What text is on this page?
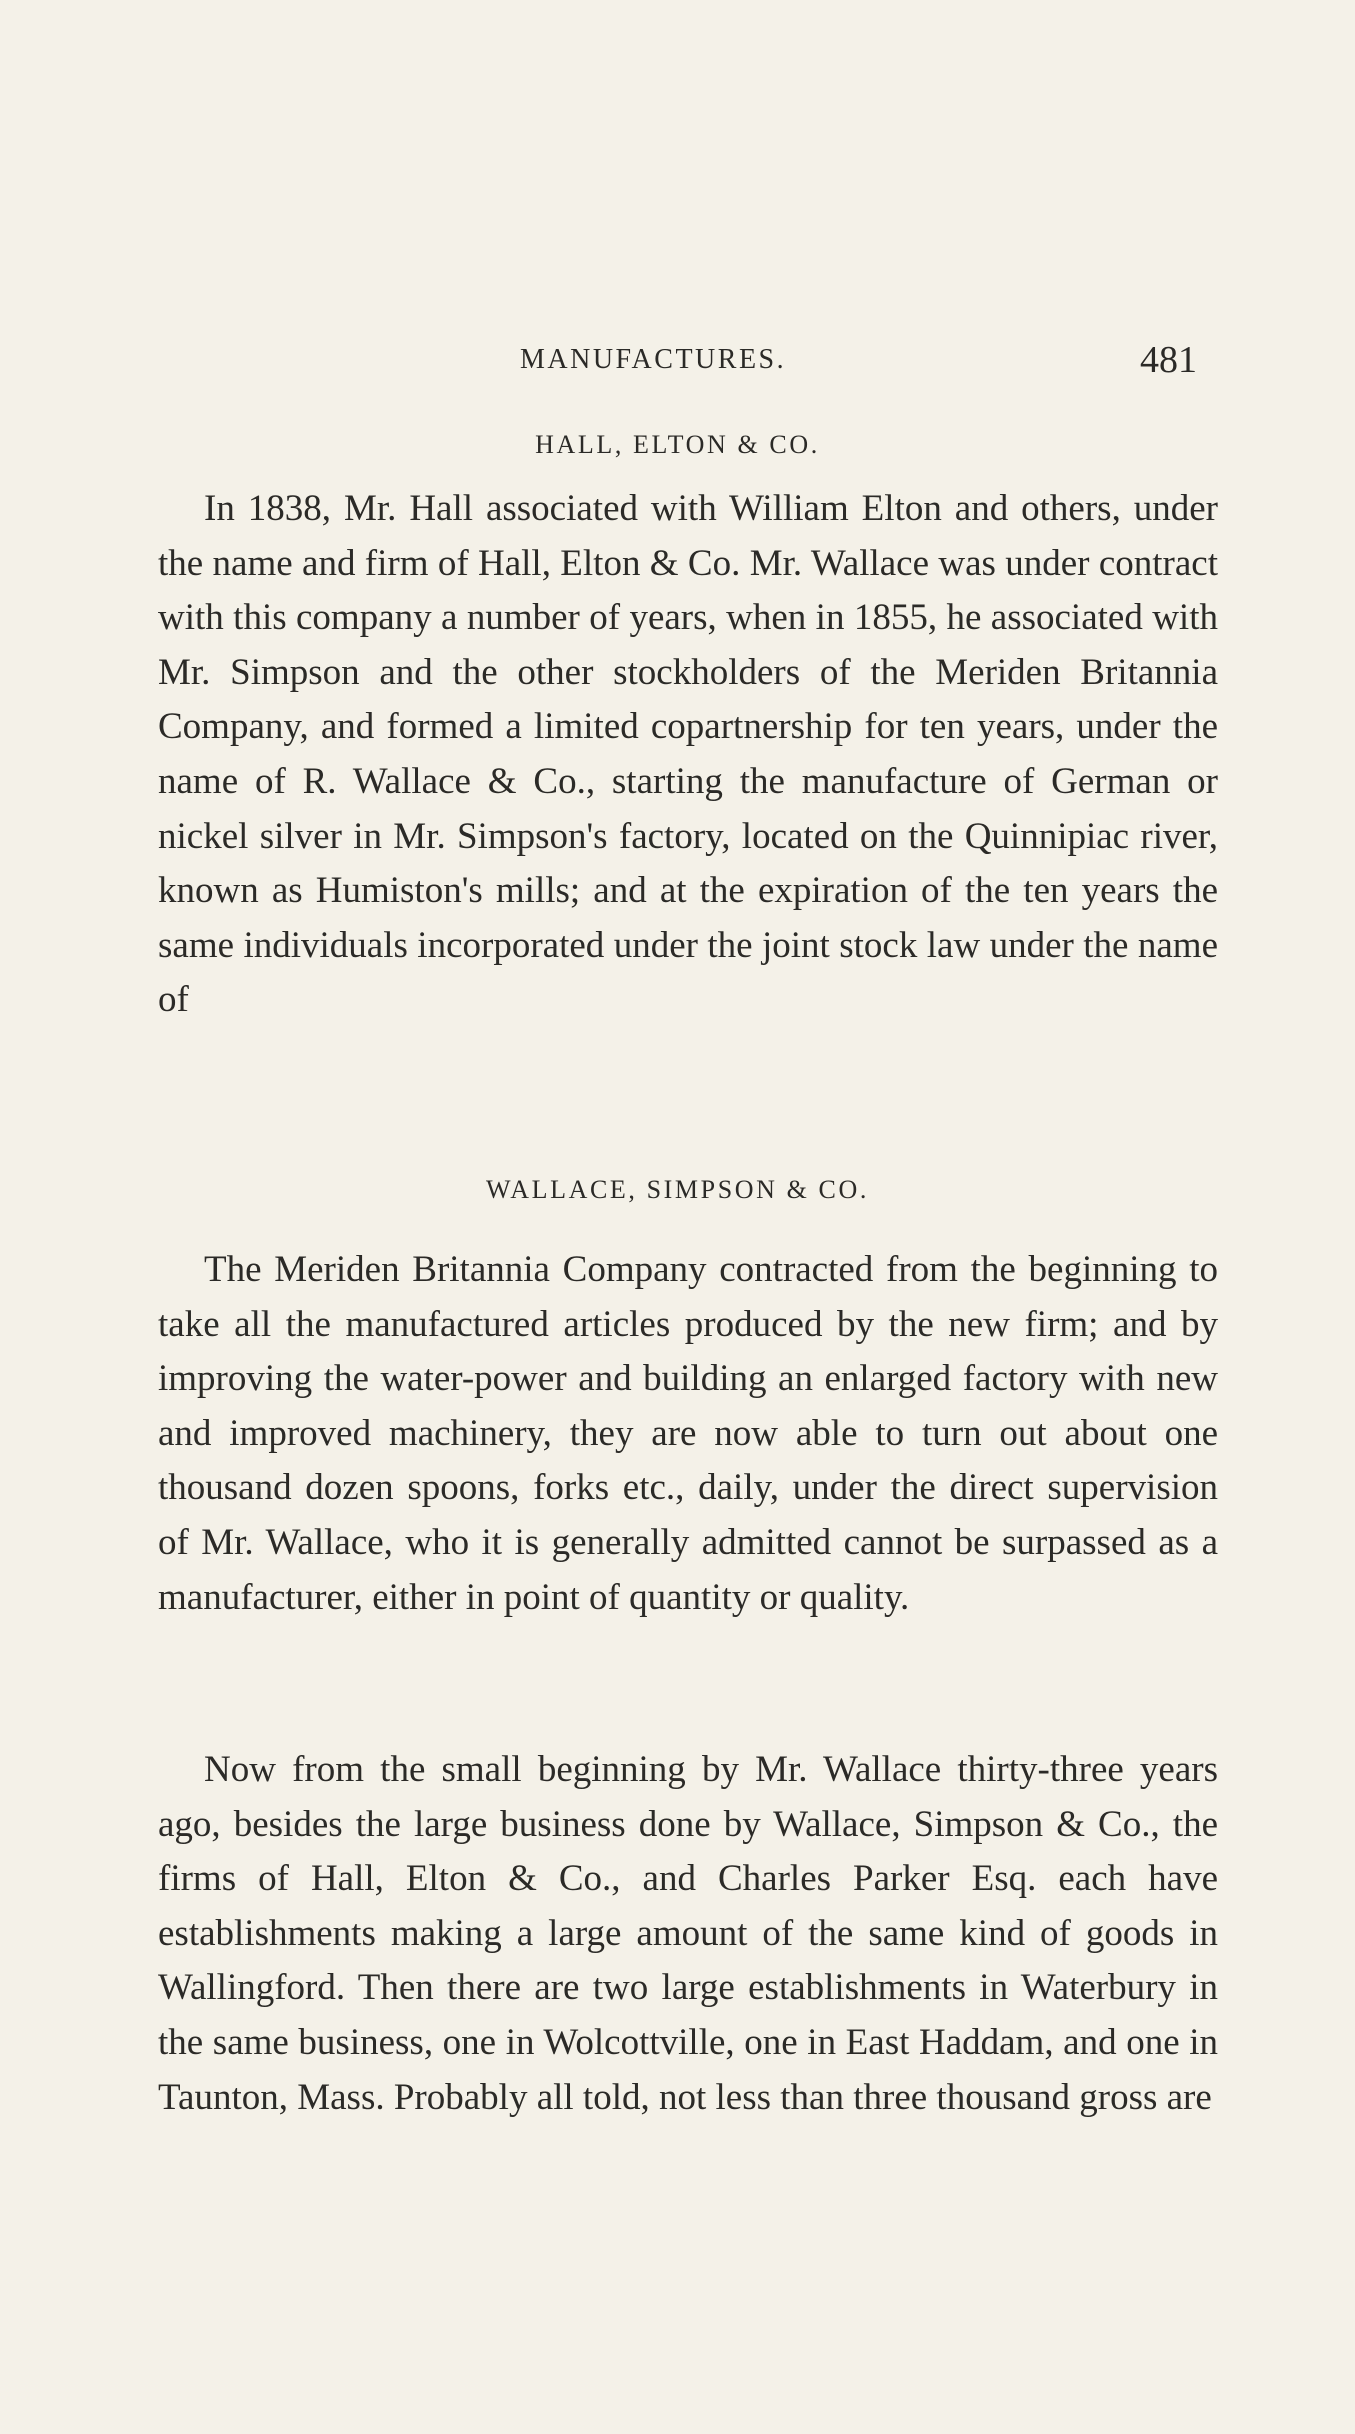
MANUFACTURES.	481
HALL, ELTON & CO.

In 1838, Mr. Hall associated with William Elton and others, under the name and firm of Hall, Elton & Co. Mr. Wallace was under contract with this company a number of years, when in 1855, he associated with Mr. Simpson and the other stockholders of the Meriden Britannia Company, and formed a limited copartnership for ten years, under the name of R. Wallace & Co., starting the manufacture of German or nickel silver in Mr. Simpson's factory, located on the Quinnipiac river, known as Humiston's mills; and at the expiration of the ten years the same individuals incorporated under the joint stock law under the name of

WALLACE, SIMPSON & CO.

The Meriden Britannia Company contracted from the beginning to take all the manufactured articles produced by the new firm; and by improving the water-power and building an enlarged factory with new and improved machinery, they are now able to turn out about one thousand dozen spoons, forks etc., daily, under the direct supervision of Mr. Wallace, who it is generally admitted cannot be surpassed as a manufacturer, either in point of quantity or quality.

Now from the small beginning by Mr. Wallace thirty-three years ago, besides the large business done by Wallace, Simpson & Co., the firms of Hall, Elton & Co., and Charles Parker Esq. each have establishments making a large amount of the same kind of goods in Wallingford. Then there are two large establishments in Waterbury in the same business, one in Wolcottville, one in East Haddam, and one in Taunton, Mass. Probably all told, not less than three thousand gross are
